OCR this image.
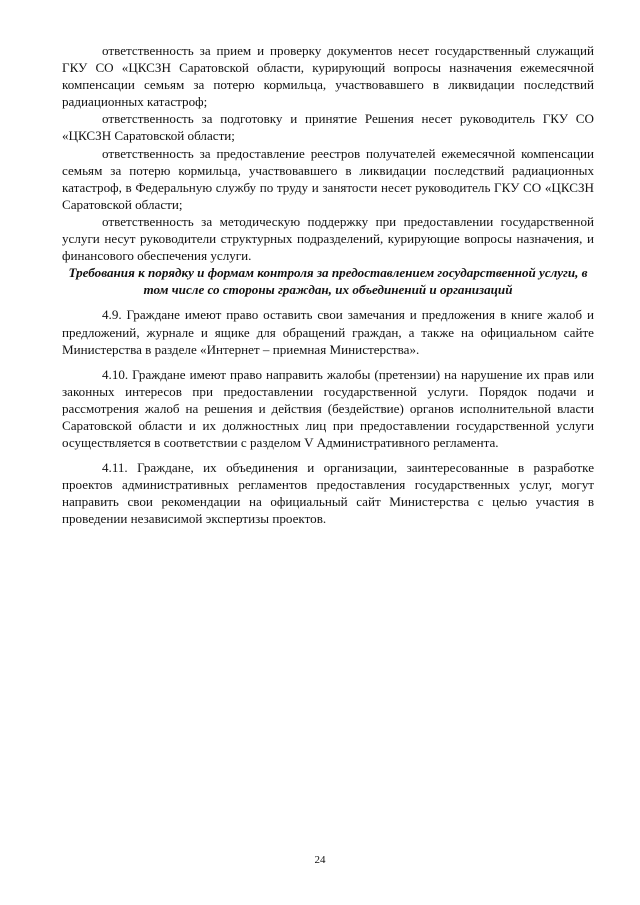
ответственность за прием и проверку документов несет государственный служащий ГКУ СО «ЦКСЗН Саратовской области, курирующий вопросы назначения ежемесячной компенсации семьям за потерю кормильца, участвовавшего в ликвидации последствий радиационных катастроф;

ответственность за подготовку и принятие Решения несет руководитель ГКУ СО «ЦКСЗН Саратовской области;

ответственность за предоставление реестров получателей ежемесячной компенсации семьям за потерю кормильца, участвовавшего в ликвидации последствий радиационных катастроф, в Федеральную службу по труду и занятости несет руководитель ГКУ СО «ЦКСЗН Саратовской области;

ответственность за методическую поддержку при предоставлении государственной услуги несут руководители структурных подразделений, курирующие вопросы назначения, и финансового обеспечения услуги.

Требования к порядку и формам контроля за предоставлением государственной услуги, в том числе со стороны граждан, их объединений и организаций

4.9. Граждане имеют право оставить свои замечания и предложения в книге жалоб и предложений, журнале и ящике для обращений граждан, а также на официальном сайте Министерства в разделе «Интернет – приемная Министерства».

4.10. Граждане имеют право направить жалобы (претензии) на нарушение их прав или законных интересов при предоставлении государственной услуги. Порядок подачи и рассмотрения жалоб на решения и действия (бездействие) органов исполнительной власти Саратовской области и их должностных лиц при предоставлении государственной услуги осуществляется в соответствии с разделом V Административного регламента.

4.11. Граждане, их объединения и организации, заинтересованные в разработке проектов административных регламентов предоставления государственных услуг, могут направить свои рекомендации на официальный сайт Министерства с целью участия в проведении независимой экспертизы проектов.

24
